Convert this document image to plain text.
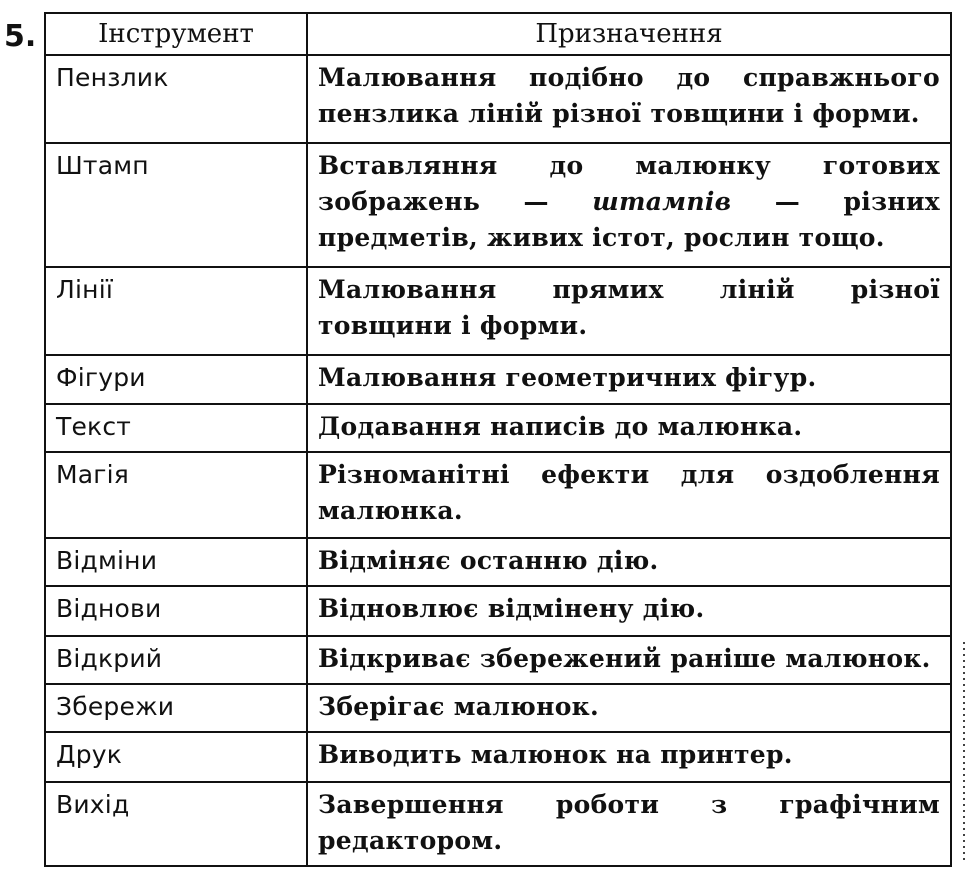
5. Інструмент	Призначення
Пензлик	Малювання подібно до справжнього пензлика ліній різної товщини і форми.
Штамп	Вставляння до малюнку готових зображень — штампів — різних предметів, живих істот, рослин тощо.
Лінії	Малювання прямих ліній різної товщини і форми.
Фігури	Малювання геометричних фігур.
Текст	Додавання написів до малюнка.
Магія	Різноманітні ефекти для оздоблення малюнка.
Відміни	Відміняє останню дію.
Віднови	Відновлює відмінену дію.
Відкрий	Відкриває збережений раніше малюнок.
Збережи	Зберігає малюнок.
Друк	Виводить малюнок на принтер.
Вихід	Завершення роботи з графічним редактором.
